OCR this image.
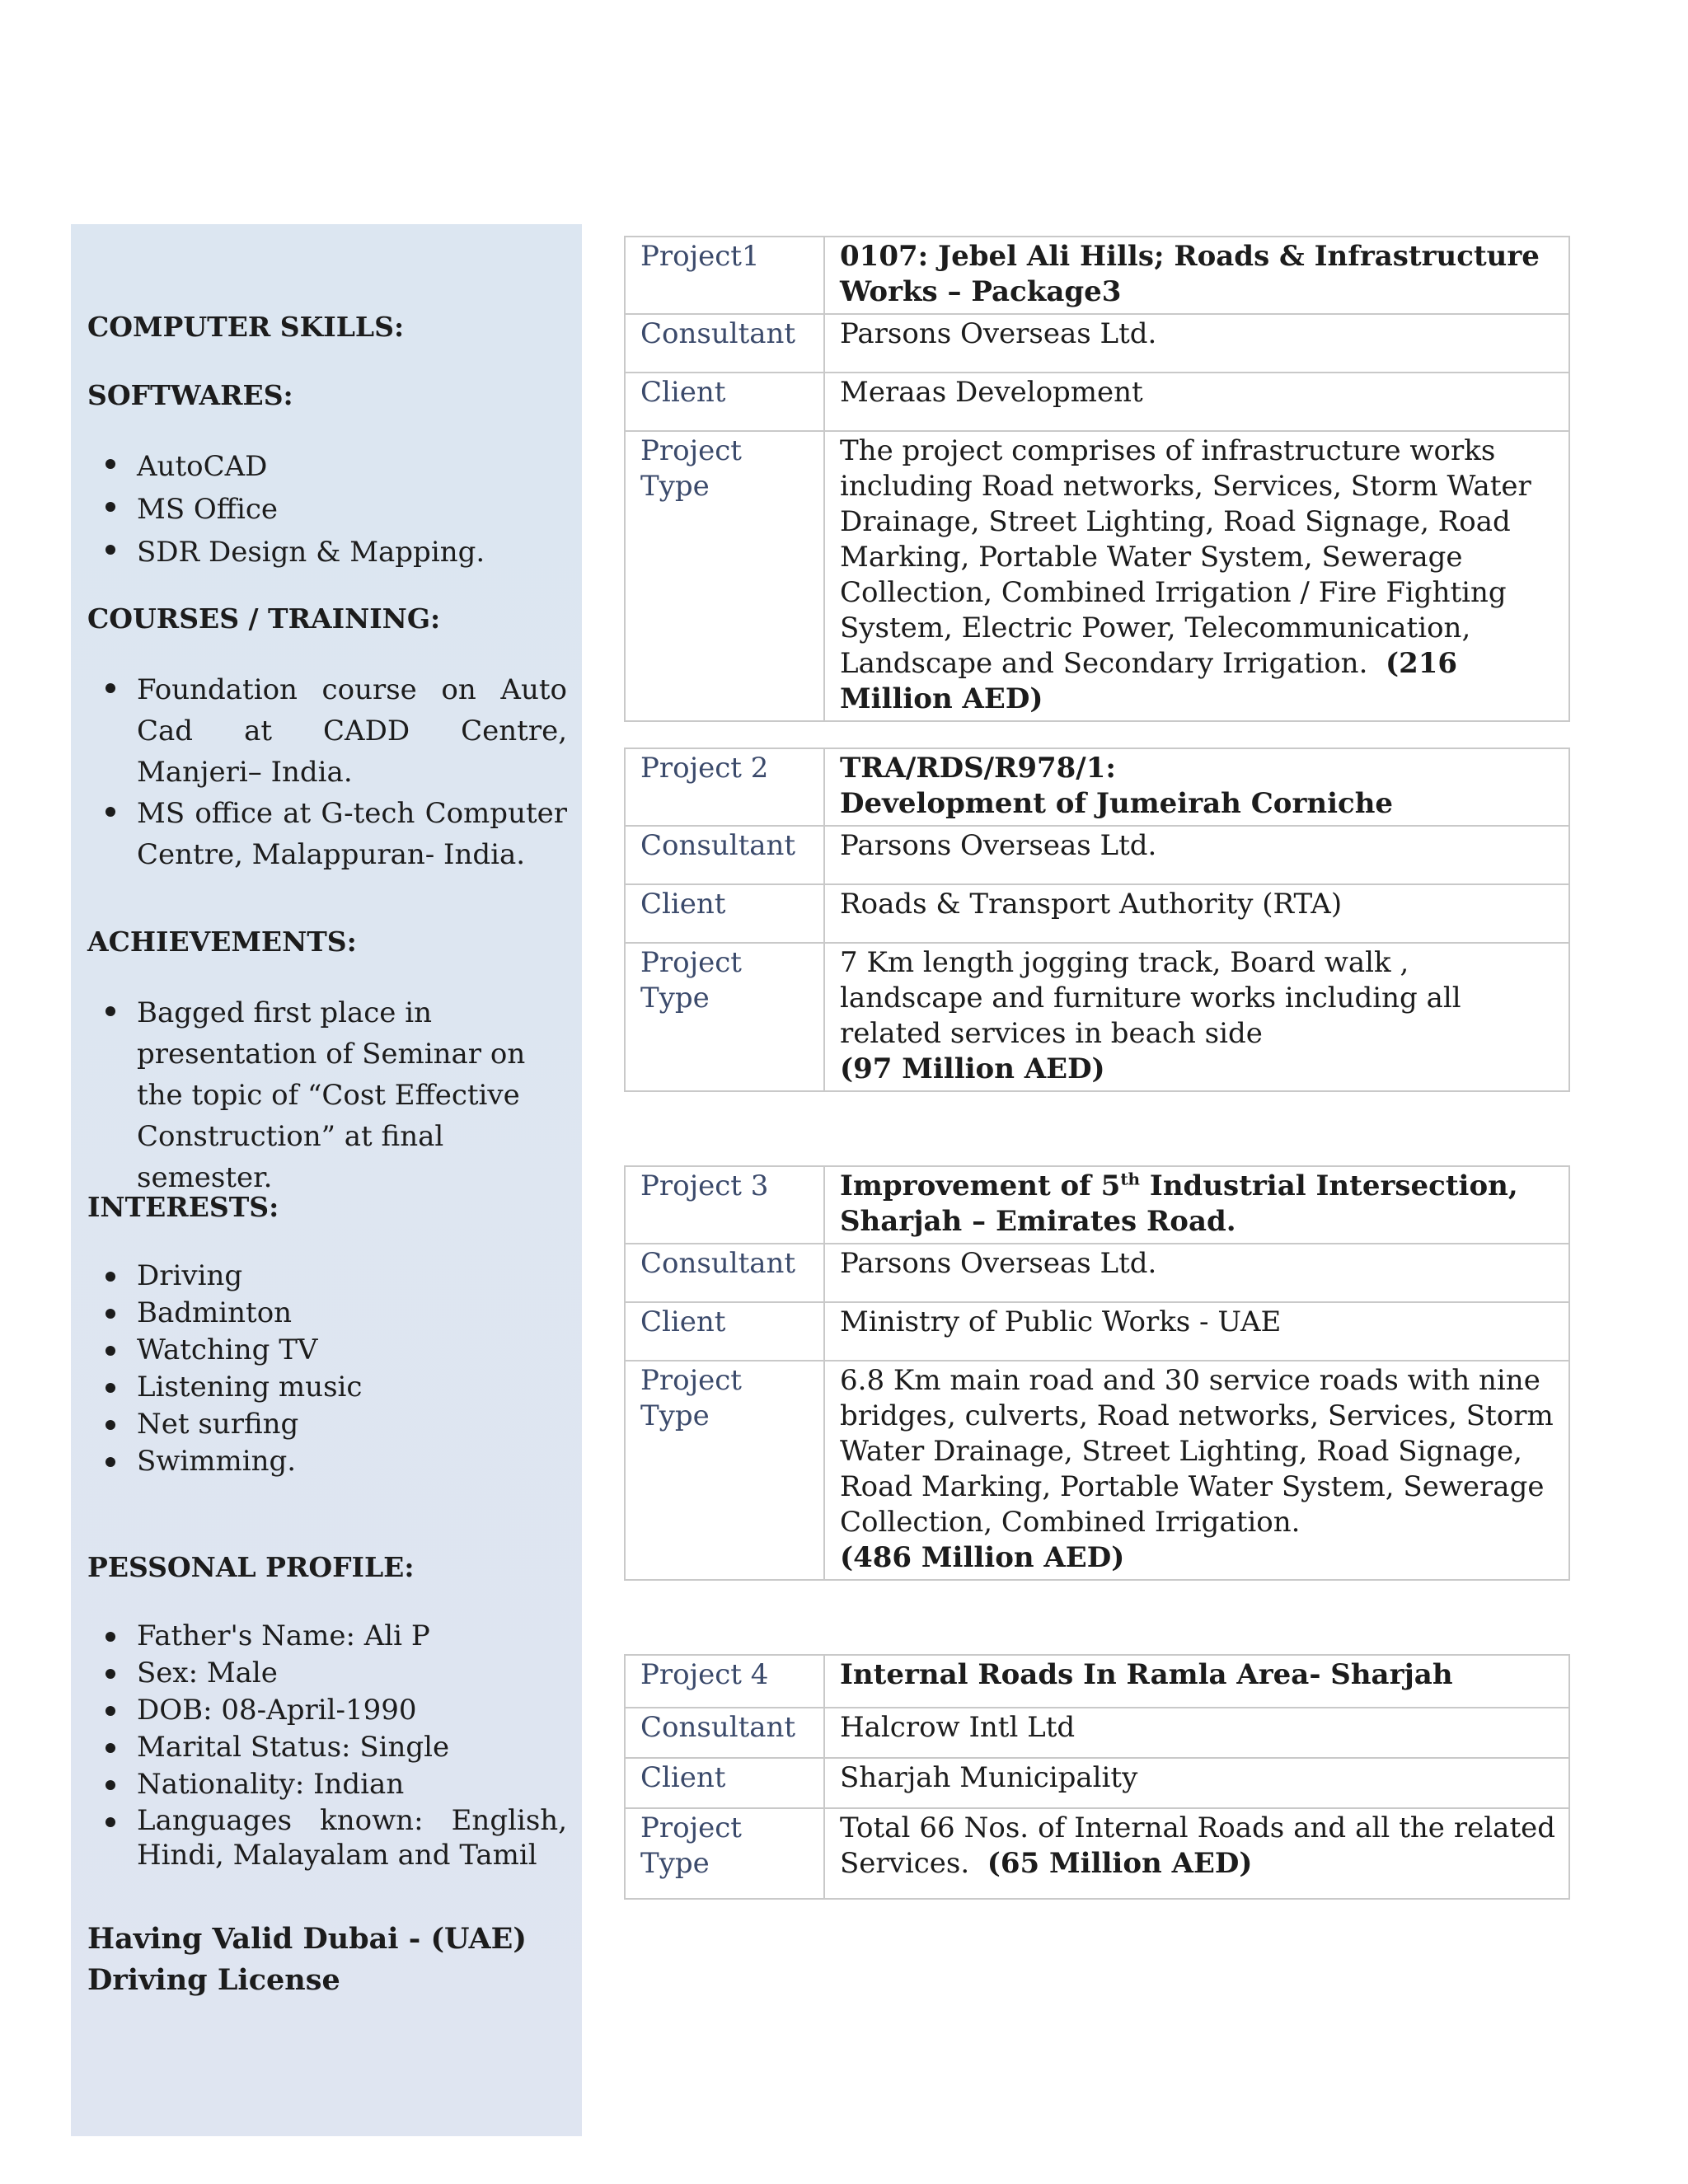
COMPUTER SKILLS:
SOFTWARES:
AutoCAD
MS Office
SDR Design & Mapping.
COURSES / TRAINING:
Foundation course on Auto Cad at CADD Centre, Manjeri– India.
MS office at G-tech Computer Centre, Malappuran- India.
ACHIEVEMENTS:
Bagged first place in presentation of Seminar on the topic of “Cost Effective Construction” at final semester.
INTERESTS:
Driving
Badminton
Watching TV
Listening music
Net surfing
Swimming.
PESSONAL PROFILE:
Father's Name: Ali P
Sex: Male
DOB: 08-April-1990
Marital Status: Single
Nationality: Indian
Languages known: English, Hindi, Malayalam and Tamil
Having Valid Dubai - (UAE)
Driving License
Project1	0107: Jebel Ali Hills; Roads & Infrastructure Works – Package3
Consultant	Parsons Overseas Ltd.
Client	Meraas Development
Project Type	The project comprises of infrastructure works including Road networks, Services, Storm Water Drainage, Street Lighting, Road Signage, Road Marking, Portable Water System, Sewerage Collection, Combined Irrigation / Fire Fighting System, Electric Power, Telecommunication, Landscape and Secondary Irrigation. (216 Million AED)
Project 2	TRA/RDS/R978/1:
Development of Jumeirah Corniche

Consultant	Parsons Overseas Ltd.
Client	Roads & Transport Authority (RTA)
Project Type	7 Km length jogging track, Board walk , landscape and furniture works including all related services in beach side
(97 Million AED)
Project 3	Improvement of 5th Industrial Intersection, Sharjah – Emirates Road.
Consultant	Parsons Overseas Ltd.
Client	Ministry of Public Works - UAE
Project Type	6.8 Km main road and 30 service roads with nine bridges, culverts, Road networks, Services, Storm Water Drainage, Street Lighting, Road Signage, Road Marking, Portable Water System, Sewerage Collection, Combined Irrigation.
(486 Million AED)
Project 4	Internal Roads In Ramla Area- Sharjah
Consultant	Halcrow Intl Ltd
Client	Sharjah Municipality
Project Type	Total 66 Nos. of Internal Roads and all the related Services. (65 Million AED)
